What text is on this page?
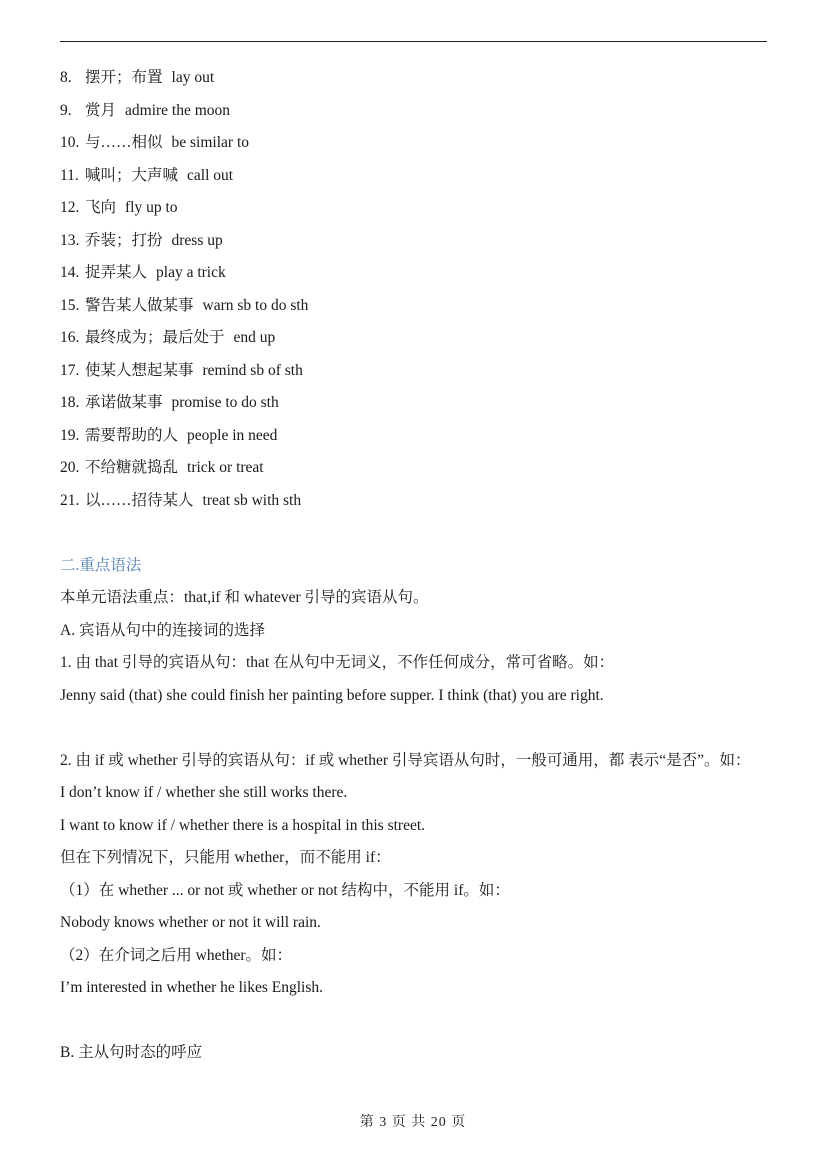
8. 摆开；布置 lay out
9. 赏月 admire the moon
10. 与……相似 be similar to
11. 喊叫；大声喊 call out
12. 飞向 fly up to
13. 乔装；打扮 dress up
14. 捉弄某人 play a trick
15. 警告某人做某事 warn sb to do sth
16. 最终成为；最后处于 end up
17. 使某人想起某事 remind sb of sth
18. 承诺做某事 promise to do sth
19. 需要帮助的人 people in need
20. 不给糖就捣乱 trick or treat
21. 以……招待某人 treat sb with sth
二.重点语法
本单元语法重点：that,if 和 whatever 引导的宾语从句。
A. 宾语从句中的连接词的选择
1. 由 that 引导的宾语从句：that 在从句中无词义，不作任何成分，常可省略。如：
Jenny said (that) she could finish her painting before supper. I think (that) you are right.
2. 由 if 或 whether 引导的宾语从句：if 或 whether 引导宾语从句时，一般可通用，都 表示“是否”。如：
I don’t know if / whether she still works there.
I want to know if / whether there is a hospital in this street.
但在下列情况下，只能用 whether，而不能用 if：
（1）在 whether ... or not 或 whether or not 结构中，不能用 if。如：
Nobody knows whether or not it will rain.
（2）在介词之后用 whether。如：
I’m interested in whether he likes English.
B. 主从句时态的呼应
第 3 页 共 20 页
